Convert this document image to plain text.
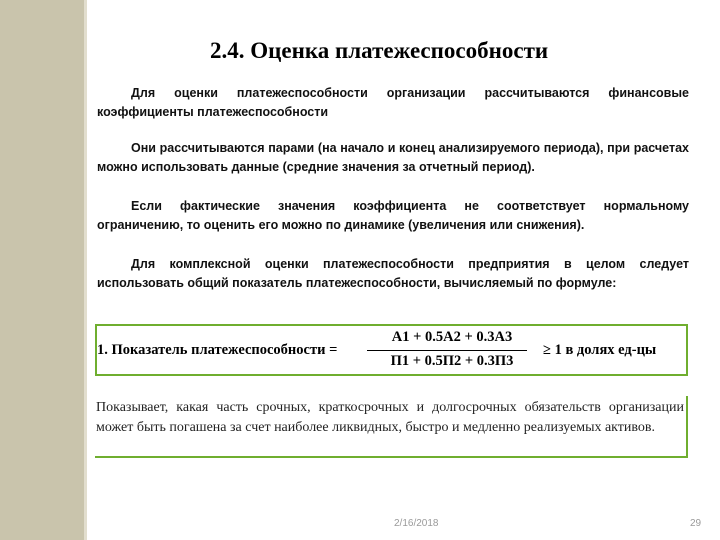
2.4. Оценка платежеспособности
Для оценки платежеспособности организации рассчитываются финансовые коэффициенты платежеспособности
Они рассчитываются парами (на начало и конец анализируемого периода), при расчетах можно использовать данные (средние значения за отчетный период).
Если фактические значения коэффициента не соответствует нормальному ограничению, то оценить его можно по динамике (увеличения или снижения).
Для комплексной оценки платежеспособности предприятия в целом следует использовать общий показатель платежеспособности, вычисляемый по формуле:
1. Показатель платежеспособности =
А1 + 0.5А2 + 0.3А3
П1 + 0.5П2 + 0.3П3
≥ 1 в долях ед-цы
Показывает, какая часть срочных, краткосрочных и долгосрочных обязательств организации может быть погашена за счет наиболее ликвидных, быстро и медленно реализуемых активов.
2/16/2018	29
